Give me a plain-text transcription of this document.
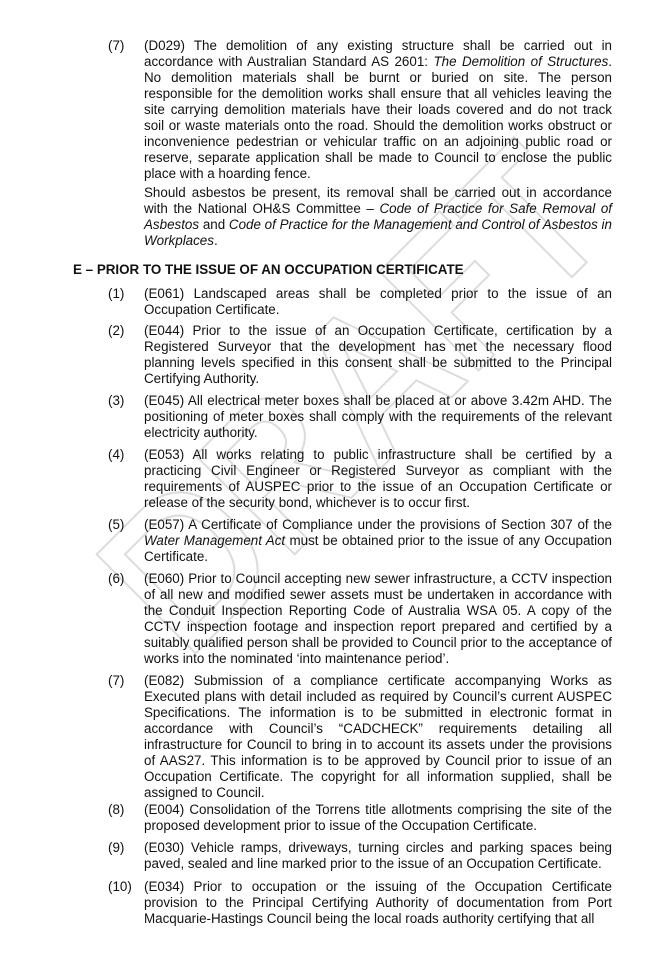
(7) (D029) The demolition of any existing structure shall be carried out in accordance with Australian Standard AS 2601: The Demolition of Structures. No demolition materials shall be burnt or buried on site. The person responsible for the demolition works shall ensure that all vehicles leaving the site carrying demolition materials have their loads covered and do not track soil or waste materials onto the road. Should the demolition works obstruct or inconvenience pedestrian or vehicular traffic on an adjoining public road or reserve, separate application shall be made to Council to enclose the public place with a hoarding fence.
Should asbestos be present, its removal shall be carried out in accordance with the National OH&S Committee – Code of Practice for Safe Removal of Asbestos and Code of Practice for the Management and Control of Asbestos in Workplaces.
E – PRIOR TO THE ISSUE OF AN OCCUPATION CERTIFICATE
(1) (E061) Landscaped areas shall be completed prior to the issue of an Occupation Certificate.
(2) (E044) Prior to the issue of an Occupation Certificate, certification by a Registered Surveyor that the development has met the necessary flood planning levels specified in this consent shall be submitted to the Principal Certifying Authority.
(3) (E045) All electrical meter boxes shall be placed at or above 3.42m AHD. The positioning of meter boxes shall comply with the requirements of the relevant electricity authority.
(4) (E053) All works relating to public infrastructure shall be certified by a practicing Civil Engineer or Registered Surveyor as compliant with the requirements of AUSPEC prior to the issue of an Occupation Certificate or release of the security bond, whichever is to occur first.
(5) (E057) A Certificate of Compliance under the provisions of Section 307 of the Water Management Act must be obtained prior to the issue of any Occupation Certificate.
(6) (E060) Prior to Council accepting new sewer infrastructure, a CCTV inspection of all new and modified sewer assets must be undertaken in accordance with the Conduit Inspection Reporting Code of Australia WSA 05. A copy of the CCTV inspection footage and inspection report prepared and certified by a suitably qualified person shall be provided to Council prior to the acceptance of works into the nominated ‘into maintenance period’.
(7) (E082) Submission of a compliance certificate accompanying Works as Executed plans with detail included as required by Council’s current AUSPEC Specifications. The information is to be submitted in electronic format in accordance with Council’s “CADCHECK” requirements detailing all infrastructure for Council to bring in to account its assets under the provisions of AAS27. This information is to be approved by Council prior to issue of an Occupation Certificate. The copyright for all information supplied, shall be assigned to Council.
(8) (E004) Consolidation of the Torrens title allotments comprising the site of the proposed development prior to issue of the Occupation Certificate.
(9) (E030) Vehicle ramps, driveways, turning circles and parking spaces being paved, sealed and line marked prior to the issue of an Occupation Certificate.
(10) (E034) Prior to occupation or the issuing of the Occupation Certificate provision to the Principal Certifying Authority of documentation from Port Macquarie-Hastings Council being the local roads authority certifying that all
